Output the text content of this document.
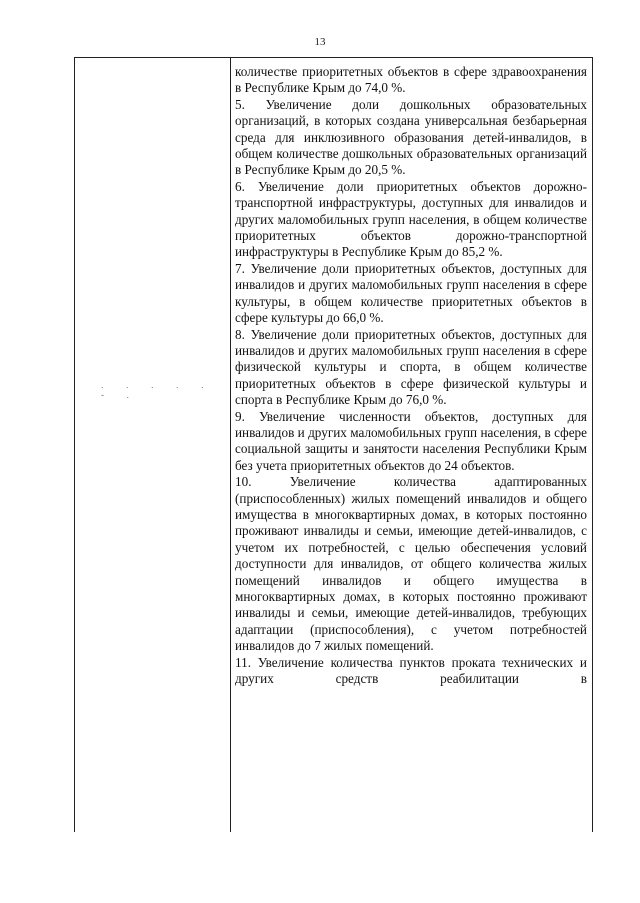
13
. . . . . - .

количестве приоритетных объектов в сфере здравоохранения в Республике Крым до 74,0 %.

5. Увеличение доли дошкольных образовательных организаций, в которых создана универсальная безбарьерная среда для инклюзивного образования детей-инвалидов, в общем количестве дошкольных образовательных организаций в Республике Крым до 20,5 %.

6. Увеличение доли приоритетных объектов дорожно-транспортной инфраструктуры, доступных для инвалидов и других маломобильных групп населения, в общем количестве приоритетных объектов дорожно-транспортной инфраструктуры в Республике Крым до 85,2 %.

7. Увеличение доли приоритетных объектов, доступных для инвалидов и других маломобильных групп населения в сфере культуры, в общем количестве приоритетных объектов в сфере культуры до 66,0 %.

8. Увеличение доли приоритетных объектов, доступных для инвалидов и других маломобильных групп населения в сфере физической культуры и спорта, в общем количестве приоритетных объектов в сфере физической культуры и спорта в Республике Крым до 76,0 %.

9. Увеличение численности объектов, доступных для инвалидов и других маломобильных групп населения, в сфере социальной защиты и занятости населения Республики Крым без учета приоритетных объектов до 24 объектов.

10. Увеличение количества адаптированных (приспособленных) жилых помещений инвалидов и общего имущества в многоквартирных домах, в которых постоянно проживают инвалиды и семьи, имеющие детей-инвалидов, с учетом их потребностей, с целью обеспечения условий доступности для инвалидов, от общего количества жилых помещений инвалидов и общего имущества в многоквартирных домах, в которых постоянно проживают инвалиды и семьи, имеющие детей-инвалидов, требующих адаптации (приспособления), с учетом потребностей инвалидов до 7 жилых помещений.

11. Увеличение количества пунктов проката технических и других средств реабилитации в
